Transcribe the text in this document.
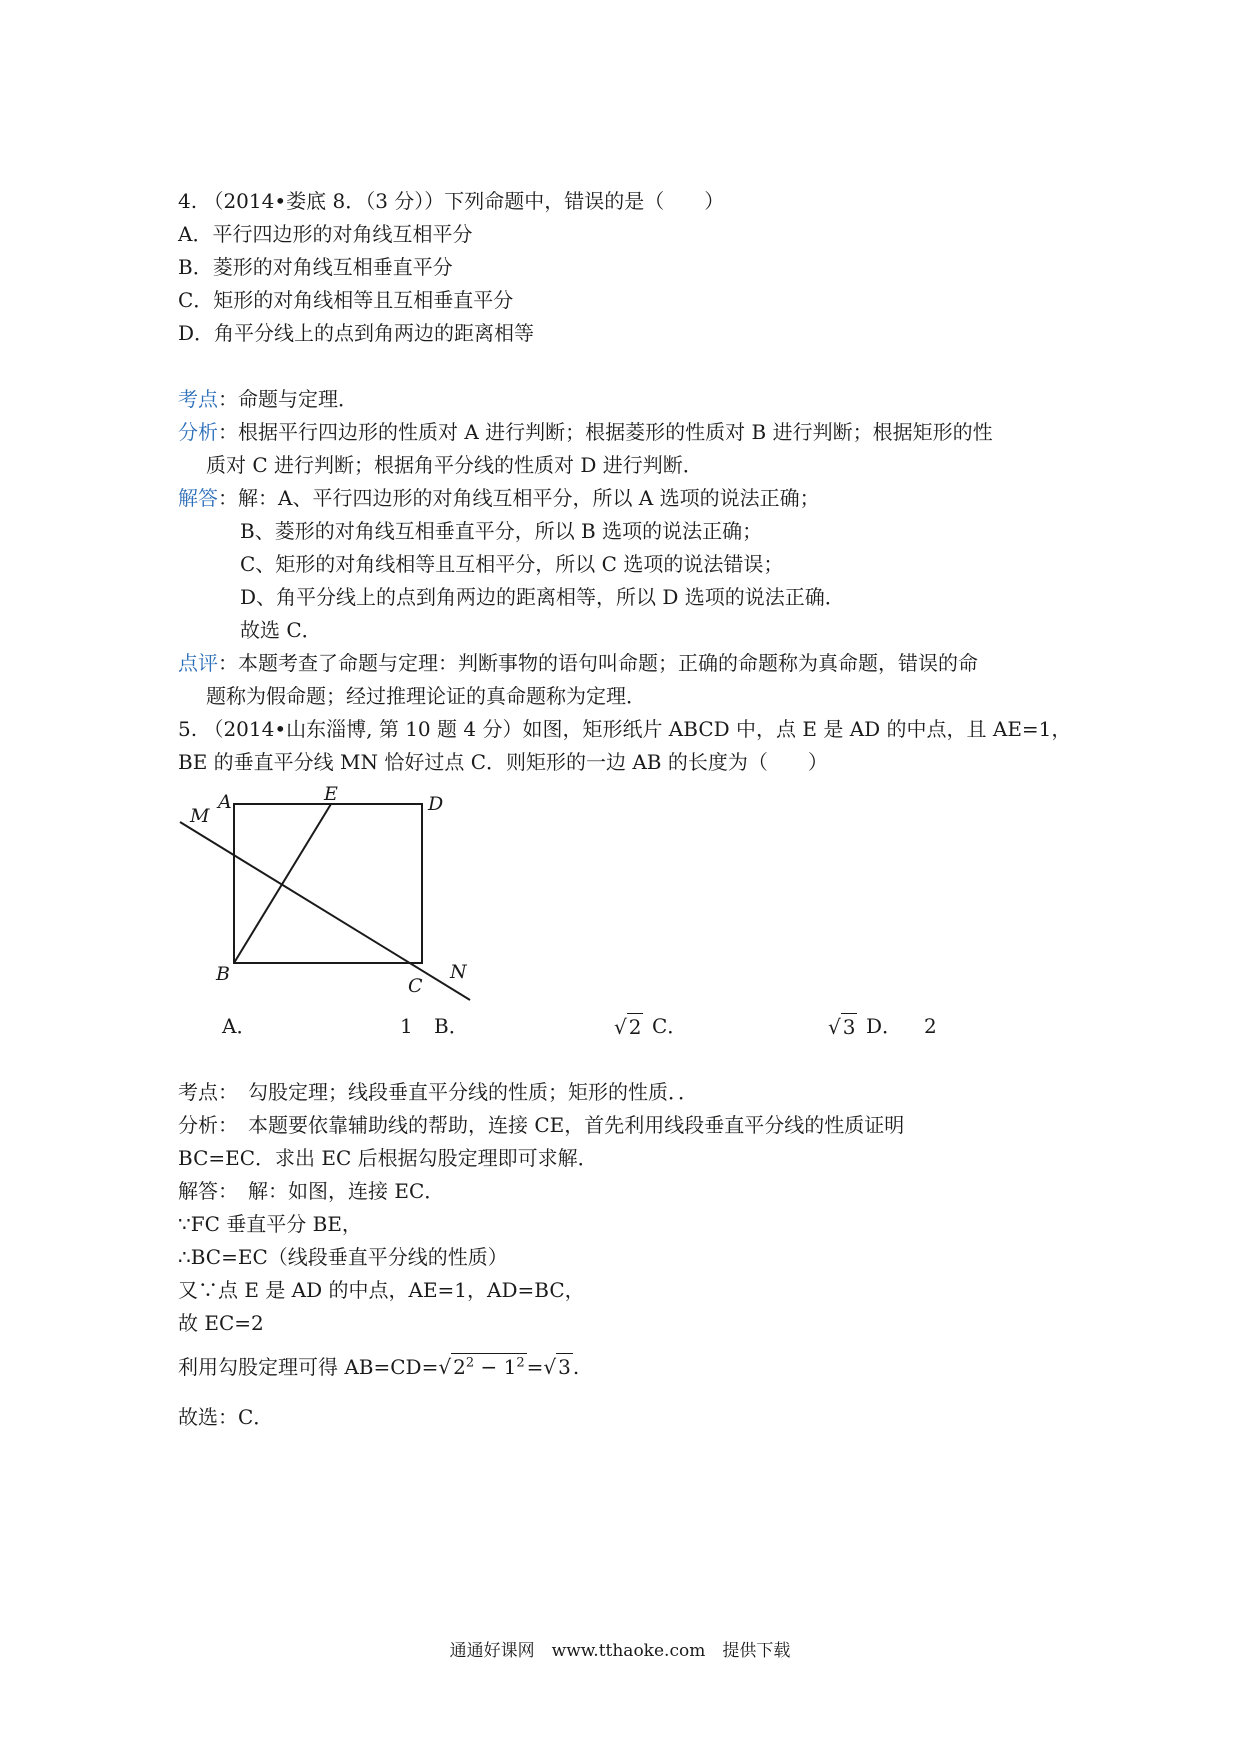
4. （2014•娄底 8．（3 分））下列命题中，错误的是（　　）
A．平行四边形的对角线互相平分
B．菱形的对角线互相垂直平分
C．矩形的对角线相等且互相垂直平分
D．角平分线上的点到角两边的距离相等
考点：命题与定理．
分析：根据平行四边形的性质对 A 进行判断；根据菱形的性质对 B 进行判断；根据矩形的性
质对 C 进行判断；根据角平分线的性质对 D 进行判断．
解答：解：A、平行四边形的对角线互相平分，所以 A 选项的说法正确；
B、菱形的对角线互相垂直平分，所以 B 选项的说法正确；
C、矩形的对角线相等且互相平分，所以 C 选项的说法错误；
D、角平分线上的点到角两边的距离相等，所以 D 选项的说法正确．
故选 C．
点评：本题考查了命题与定理：判断事物的语句叫命题；正确的命题称为真命题，错误的命
题称为假命题；经过推理论证的真命题称为定理．
5. （2014•山东淄博, 第 10 题 4 分）如图，矩形纸片 ABCD 中，点 E 是 AD 的中点，且 AE=1，
BE 的垂直平分线 MN 恰好过点 C．则矩形的一边 AB 的长度为（　　）
M
A	E	D
B
C
N
A．	1 B．	√ 2 C．	√ 3 D． 2
考点：　勾股定理；线段垂直平分线的性质；矩形的性质．．
分析：　本题要依靠辅助线的帮助，连接 CE，首先利用线段垂直平分线的性质证明
BC=EC．求出 EC 后根据勾股定理即可求解．
解答：　解：如图，连接 EC．
∵FC 垂直平分 BE，
∴BC=EC（线段垂直平分线的性质）
又∵点 E 是 AD 的中点，AE=1，AD=BC，
故 EC=2
利用勾股定理可得 AB=CD=√ $2^2 - 1^2$ =√ 3 .
故选：C．
通通好课网　www.tthaoke.com　提供下载
